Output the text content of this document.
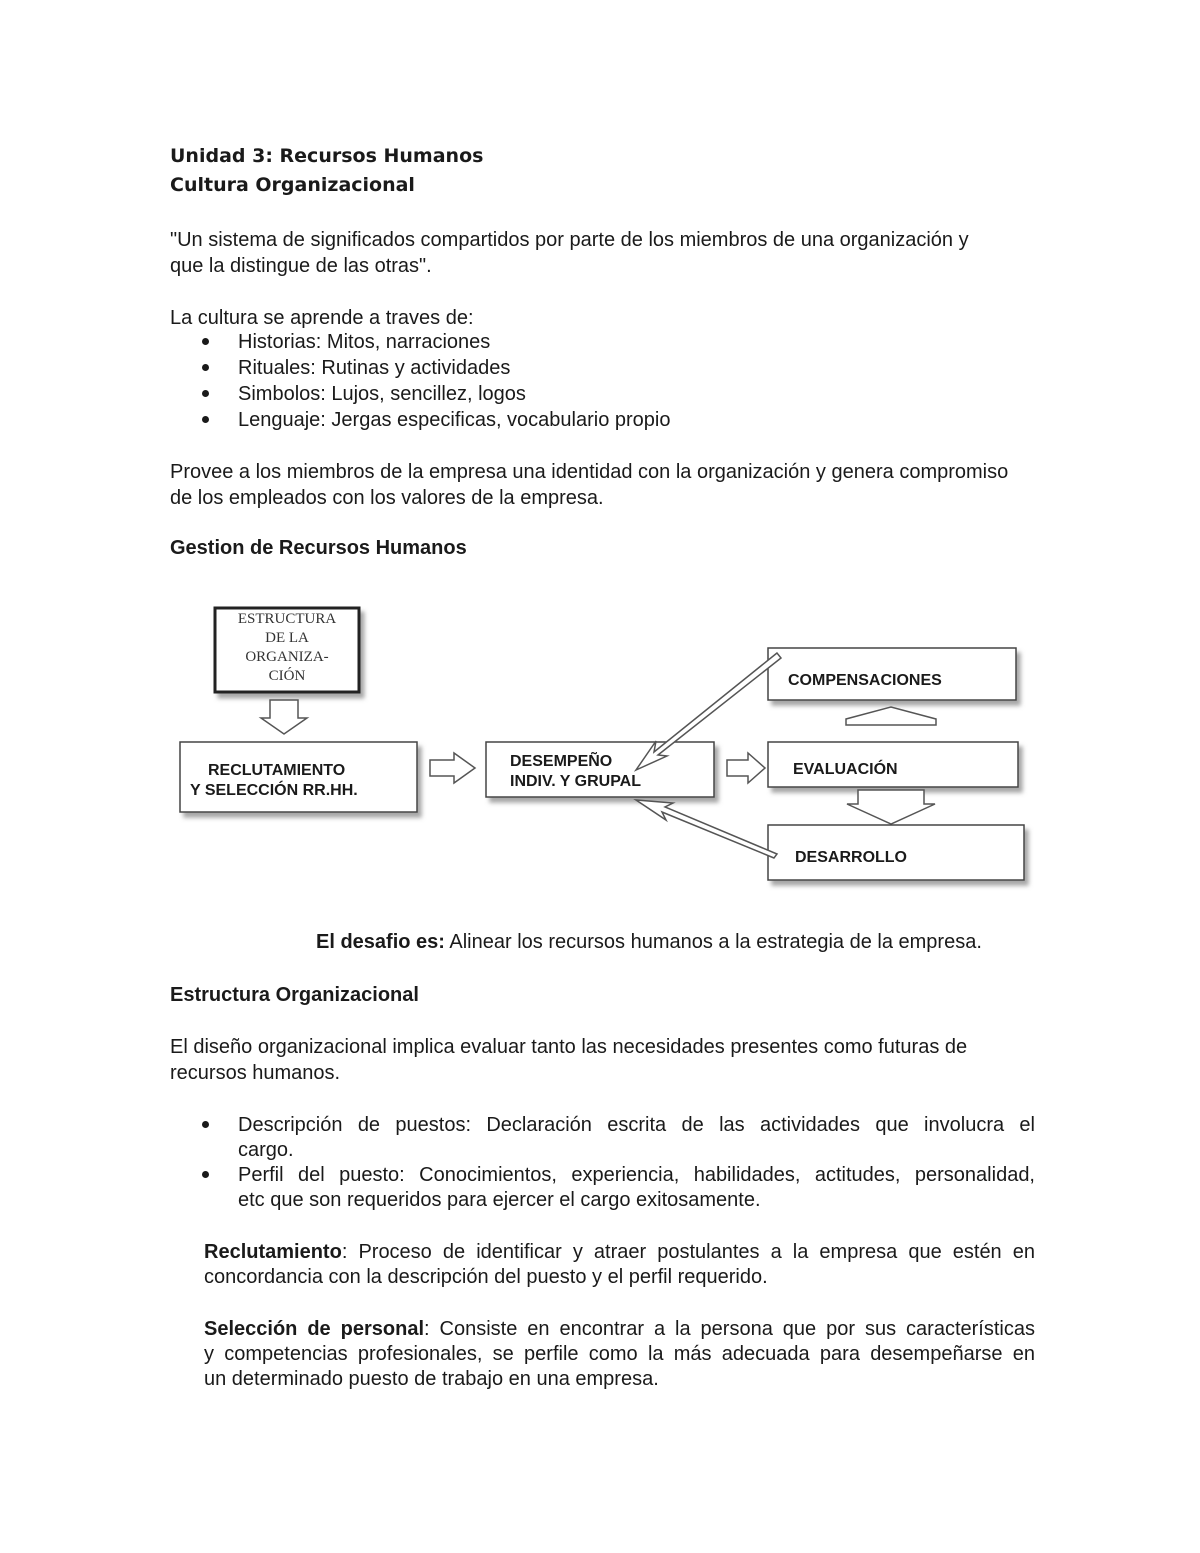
Unidad 3: Recursos Humanos
Cultura Organizacional
"Un sistema de significados compartidos por parte de los miembros de una organización y
que la distingue de las otras".
La cultura se aprende a traves de:
Historias: Mitos, narraciones
Rituales: Rutinas y actividades
Simbolos: Lujos, sencillez, logos
Lenguaje: Jergas especificas, vocabulario propio
Provee a los miembros de la empresa una identidad con la organización y genera compromiso
de los empleados con los valores de la empresa.
Gestion de Recursos Humanos
ESTRUCTURA
DE LA
ORGANIZA-
CIÓN
RECLUTAMIENTO
Y SELECCIÓN RR.HH.
DESEMPEÑO
INDIV. Y GRUPAL
COMPENSACIONES
EVALUACIÓN
DESARROLLO
El desafio es: Alinear los recursos humanos a la estrategia de la empresa.
Estructura Organizacional
El diseño organizacional implica evaluar tanto las necesidades presentes como futuras de
recursos humanos.
Descripción de puestos: Declaración escrita de las actividades que involucra el
cargo.
Perfil del puesto: Conocimientos, experiencia, habilidades, actitudes, personalidad,
etc que son requeridos para ejercer el cargo exitosamente.
Reclutamiento: Proceso de identificar y atraer postulantes a la empresa que estén en
concordancia con la descripción del puesto y el perfil requerido.
Selección de personal: Consiste en encontrar a la persona que por sus características
y competencias profesionales, se perfile como la más adecuada para desempeñarse en
un determinado puesto de trabajo en una empresa.
